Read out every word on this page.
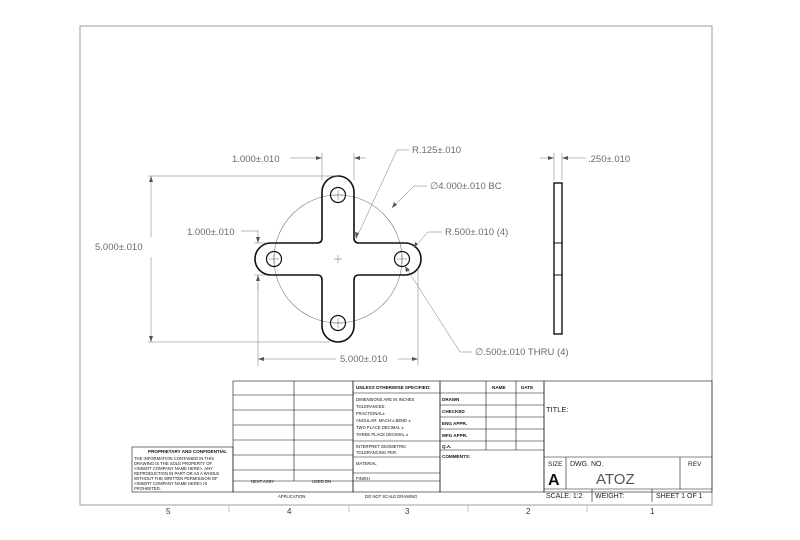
1.000±.010
R.125±.010
∅4.000±.010 BC
1.000±.010	R.500±.010 (4)
5.000±.010
5.000±.010
∅.500±.010 THRU (4)
.250±.010
UNLESS OTHERWISE SPECIFIED:	NAME	DATE
DRAWN
CHECKED
ENG APPR.
MFG APPR.
Q.A.
COMMENTS:
DIMENSIONS ARE IN INCHES
TOLERANCES:
FRACTIONAL±
ANGULAR: MACH ± BEND ±
TWO PLACE DECIMAL ±
THREE PLACE DECIMAL ±
INTERPRET GEOMETRIC
TOLERANCING PER:
MATERIAL
FINISH
DO NOT SCALE DRAWING
NEXT ASSY	USED ON
APPLICATION
TITLE:
SIZE
A
DWG. NO.
ATOZ
REV
SCALE: 1:2 WEIGHT:	SHEET 1 OF 1
PROPRIETARY AND CONFIDENTIAL
THE INFORMATION CONTAINED IN THIS
DRAWING IS THE SOLE PROPERTY OF
<INSERT COMPANY NAME HERE>. ANY
REPRODUCTION IN PART OR AS A WHOLE
WITHOUT THE WRITTEN PERMISSION OF
<INSERT COMPANY NAME HERE> IS
PROHIBITED.
5	4	3	2	1
